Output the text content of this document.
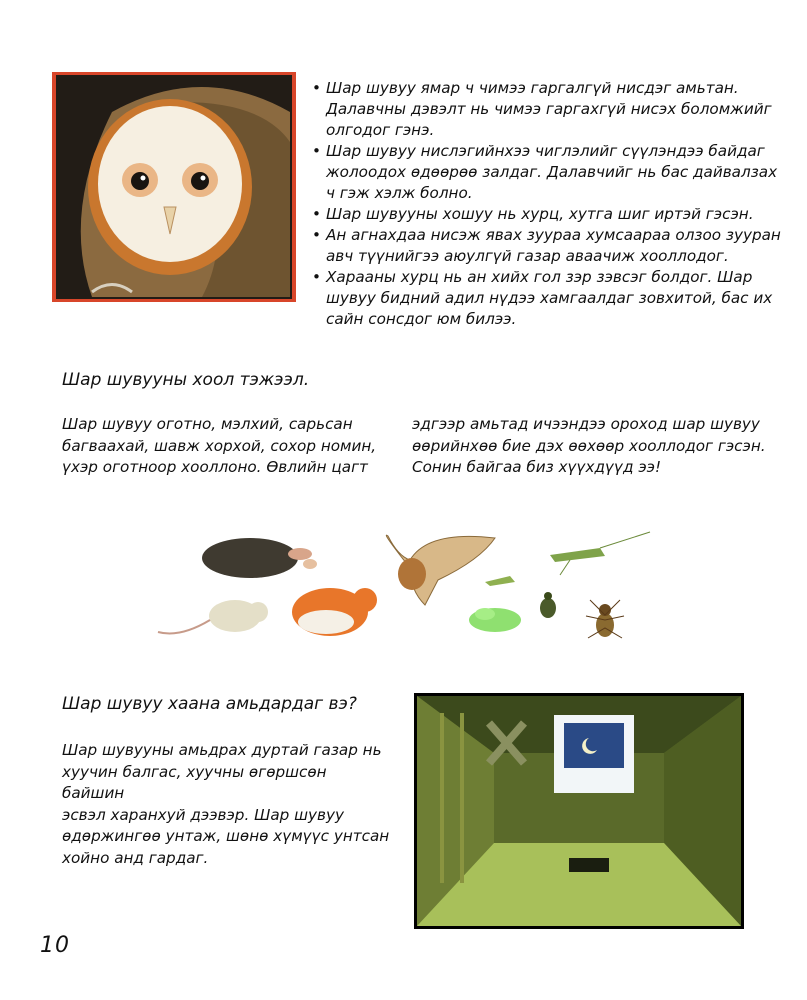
• Шар шувуу ямар ч чимээ гаргалгүй нисдэг амьтан. Далавчны дэвэлт нь чимээ гаргахгүй нисэх боломжийг олгодог гэнэ.
• Шар шувуу нислэгийнхээ чиглэлийг сүүлэндээ байдаг жолоодох өдөөрөө залдаг. Далавчийг нь бас дайвалзах ч гэж хэлж болно.
• Шар шувууны хошуу нь хурц, хутга шиг иртэй гэсэн.
• Ан агнахдаа нисэж явах зуураа хумсаараа олзоо зууран авч түүнийгээ аюулгүй газар аваачиж хооллодог.
• Харааны хурц нь ан хийх гол зэр зэвсэг болдог. Шар шувуу бидний адил нүдээ хамгаалдаг зовхитой, бас их сайн сонсдог юм билээ.
Шар шувууны хоол тэжээл.
Шар шувуу оготно, мэлхий, сарьсан
багваахай, шавж хорхой, сохор номин,
үхэр оготноор хооллоно. Өвлийн цагт
эдгээр амьтад ичээндээ ороход шар шувуу
өөрийнхөө бие дэх өөхөөр хооллодог гэсэн.
Сонин байгаа биз хүүхдүүд ээ!
Шар шувуу хаана амьдардаг вэ?
Шар шувууны амьдрах дуртай газар нь
хуучин балгас, хуучны өгөршсөн байшин
эсвэл харанхуй дээвэр. Шар шувуу
өдөржингөө унтаж, шөнө хүмүүс унтсан
хойно анд гардаг.
10
